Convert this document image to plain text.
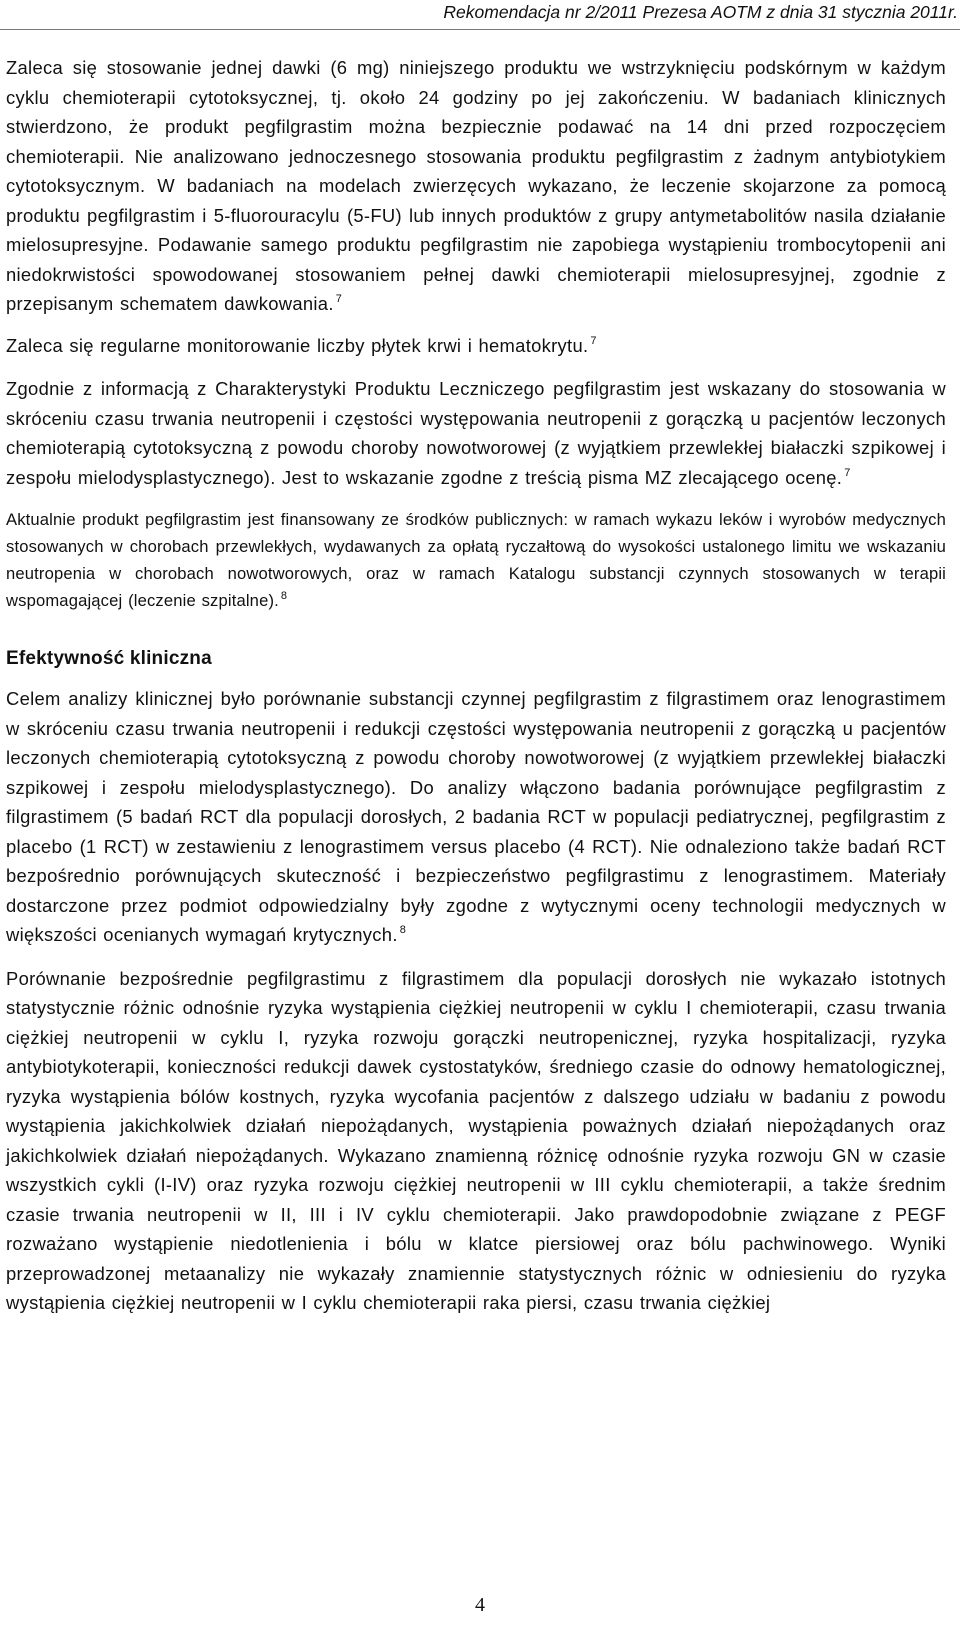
Rekomendacja nr 2/2011 Prezesa AOTM z dnia 31 stycznia 2011r.

Zaleca się stosowanie jednej dawki (6 mg) niniejszego produktu we wstrzyknięciu podskórnym w każdym cyklu chemioterapii cytotoksycznej, tj. około 24 godziny po jej zakończeniu. W badaniach klinicznych stwierdzono, że produkt pegfilgrastim można bezpiecznie podawać na 14 dni przed rozpoczęciem chemioterapii. Nie analizowano jednoczesnego stosowania produktu pegfilgrastim z żadnym antybiotykiem cytotoksycznym. W badaniach na modelach zwierzęcych wykazano, że leczenie skojarzone za pomocą produktu pegfilgrastim i 5-fluorouracylu (5-FU) lub innych produktów z grupy antymetabolitów nasila działanie mielosupresyjne. Podawanie samego produktu pegfilgrastim nie zapobiega wystąpieniu trombocytopenii ani niedokrwistości spowodowanej stosowaniem pełnej dawki chemioterapii mielosupresyjnej, zgodnie z przepisanym schematem dawkowania. $^7$

Zaleca się regularne monitorowanie liczby płytek krwi i hematokrytu. $^7$

Zgodnie z informacją z Charakterystyki Produktu Leczniczego pegfilgrastim jest wskazany do stosowania w skróceniu czasu trwania neutropenii i częstości występowania neutropenii z gorączką u pacjentów leczonych chemioterapią cytotoksyczną z powodu choroby nowotworowej (z wyjątkiem przewlekłej białaczki szpikowej i zespołu mielodysplastycznego). Jest to wskazanie zgodne z treścią pisma MZ zlecającego ocenę. $^7$

Aktualnie produkt pegfilgrastim jest finansowany ze środków publicznych: w ramach wykazu leków i wyrobów medycznych stosowanych w chorobach przewlekłych, wydawanych za opłatą ryczałtową do wysokości ustalonego limitu we wskazaniu neutropenia w chorobach nowotworowych, oraz w ramach Katalogu substancji czynnych stosowanych w terapii wspomagającej (leczenie szpitalne). $^8$

Efektywność kliniczna

Celem analizy klinicznej było porównanie substancji czynnej pegfilgrastim z filgrastimem oraz lenograstimem w skróceniu czasu trwania neutropenii i redukcji częstości występowania neutropenii z gorączką u pacjentów leczonych chemioterapią cytotoksyczną z powodu choroby nowotworowej (z wyjątkiem przewlekłej białaczki szpikowej i zespołu mielodysplastycznego). Do analizy włączono badania porównujące pegfilgrastim z filgrastimem (5 badań RCT dla populacji dorosłych, 2 badania RCT w populacji pediatrycznej, pegfilgrastim z placebo (1 RCT) w zestawieniu z lenograstimem versus placebo (4 RCT). Nie odnaleziono także badań RCT bezpośrednio porównujących skuteczność i bezpieczeństwo pegfilgrastimu z lenograstimem. Materiały dostarczone przez podmiot odpowiedzialny były zgodne z wytycznymi oceny technologii medycznych w większości ocenianych wymagań krytycznych. $^8$

Porównanie bezpośrednie pegfilgrastimu z filgrastimem dla populacji dorosłych nie wykazało istotnych statystycznie różnic odnośnie ryzyka wystąpienia ciężkiej neutropenii w cyklu I chemioterapii, czasu trwania ciężkiej neutropenii w cyklu I, ryzyka rozwoju gorączki neutropenicznej, ryzyka hospitalizacji, ryzyka antybiotykoterapii, konieczności redukcji dawek cystostatyków, średniego czasie do odnowy hematologicznej, ryzyka wystąpienia bólów kostnych, ryzyka wycofania pacjentów z dalszego udziału w badaniu z powodu wystąpienia jakichkolwiek działań niepożądanych, wystąpienia poważnych działań niepożądanych oraz jakichkolwiek działań niepożądanych. Wykazano znamienną różnicę odnośnie ryzyka rozwoju GN w czasie wszystkich cykli (I-IV) oraz ryzyka rozwoju ciężkiej neutropenii w III cyklu chemioterapii, a także średnim czasie trwania neutropenii w II, III i IV cyklu chemioterapii. Jako prawdopodobnie związane z PEGF rozważano wystąpienie niedotlenienia i bólu w klatce piersiowej oraz bólu pachwinowego. Wyniki przeprowadzonej metaanalizy nie wykazały znamiennie statystycznych różnic w odniesieniu do ryzyka wystąpienia ciężkiej neutropenii w I cyklu chemioterapii raka piersi, czasu trwania ciężkiej

4
